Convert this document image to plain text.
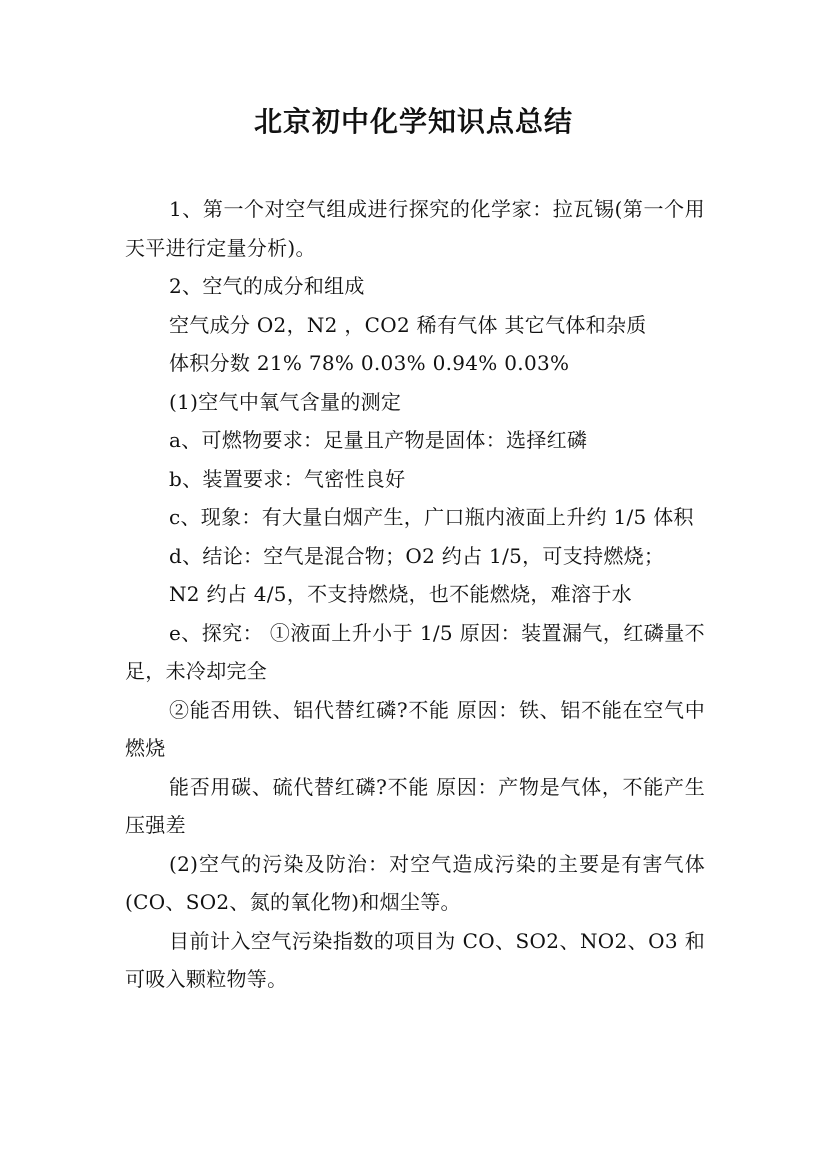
北京初中化学知识点总结

1、第一个对空气组成进行探究的化学家：拉瓦锡(第一个用天平进行定量分析)。

2、空气的成分和组成

空气成分 O2，N2 ，CO2 稀有气体 其它气体和杂质

体积分数 21% 78% 0.03% 0.94% 0.03%

(1)空气中氧气含量的测定

a、可燃物要求：足量且产物是固体：选择红磷

b、装置要求：气密性良好

c、现象：有大量白烟产生，广口瓶内液面上升约 1/5 体积

d、结论：空气是混合物；O2 约占 1/5，可支持燃烧；

N2 约占 4/5，不支持燃烧，也不能燃烧，难溶于水

e、探究： ①液面上升小于 1/5 原因：装置漏气，红磷量不足，未冷却完全

②能否用铁、铝代替红磷?不能 原因：铁、铝不能在空气中燃烧

能否用碳、硫代替红磷?不能 原因：产物是气体，不能产生压强差

(2)空气的污染及防治：对空气造成污染的主要是有害气体(CO、SO2、氮的氧化物)和烟尘等。

目前计入空气污染指数的项目为 CO、SO2、NO2、O3 和可吸入颗粒物等。
